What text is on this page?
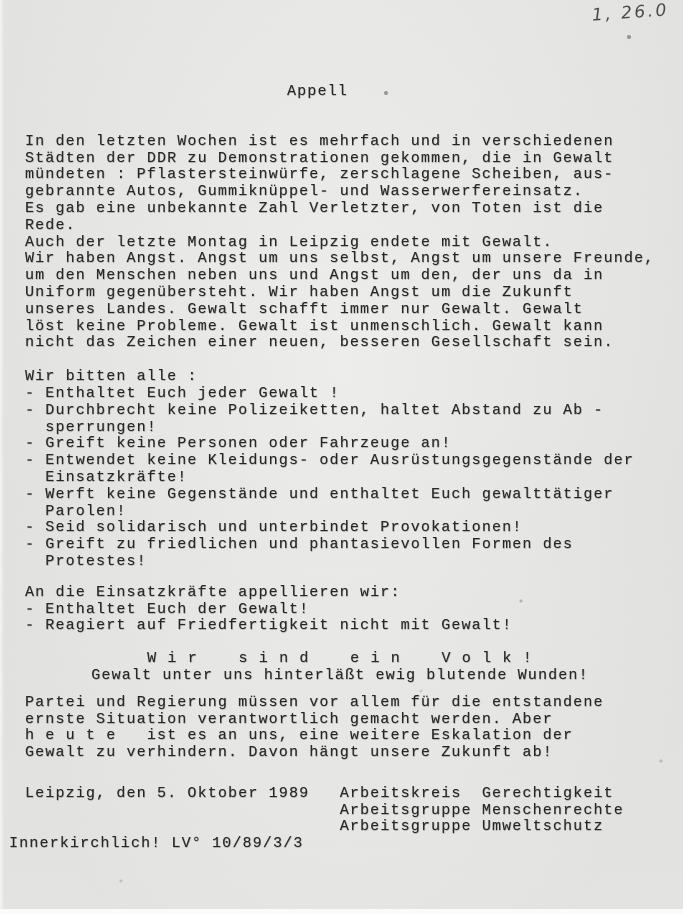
1, 26.0
Appell
In den letzten Wochen ist es mehrfach und in verschiedenen
Städten der DDR zu Demonstrationen gekommen, die in Gewalt
mündeten : Pflastersteinwürfe, zerschlagene Scheiben, aus-
gebrannte Autos, Gummiknüppel- und Wasserwerfereinsatz.
Es gab eine unbekannte Zahl Verletzter, von Toten ist die
Rede.
Auch der letzte Montag in Leipzig endete mit Gewalt.
Wir haben Angst. Angst um uns selbst, Angst um unsere Freunde,
um den Menschen neben uns und Angst um den, der uns da in
Uniform gegenübersteht. Wir haben Angst um die Zukunft
unseres Landes. Gewalt schafft immer nur Gewalt. Gewalt
löst keine Probleme. Gewalt ist unmenschlich. Gewalt kann
nicht das Zeichen einer neuen, besseren Gesellschaft sein.
Wir bitten alle :
- Enthaltet Euch jeder Gewalt !
- Durchbrecht keine Polizeiketten, haltet Abstand zu Ab -
sperrungen!
- Greift keine Personen oder Fahrzeuge an!
- Entwendet keine Kleidungs- oder Ausrüstungsgegenstände der
Einsatzkräfte!
- Werft keine Gegenstände und enthaltet Euch gewalttätiger
Parolen!
- Seid solidarisch und unterbindet Provokationen!
- Greift zu friedlichen und phantasievollen Formen des
Protestes!
An die Einsatzkräfte appellieren wir:
- Enthaltet Euch der Gewalt!
- Reagiert auf Friedfertigkeit nicht mit Gewalt!
W i r    s i n d    e i n    V o l k !
Gewalt unter uns hinterläßt ewig blutende Wunden!
Partei und Regierung müssen vor allem für die entstandene
ernste Situation verantwortlich gemacht werden. Aber
h e u t e   ist es an uns, eine weitere Eskalation der
Gewalt zu verhindern. Davon hängt unsere Zukunft ab!
Leipzig, den 5. Oktober 1989   Arbeitskreis  Gerechtigkeit
Arbeitsgruppe Menschenrechte
Arbeitsgruppe Umweltschutz
Innerkirchlich! LV° 10/89/3/3
